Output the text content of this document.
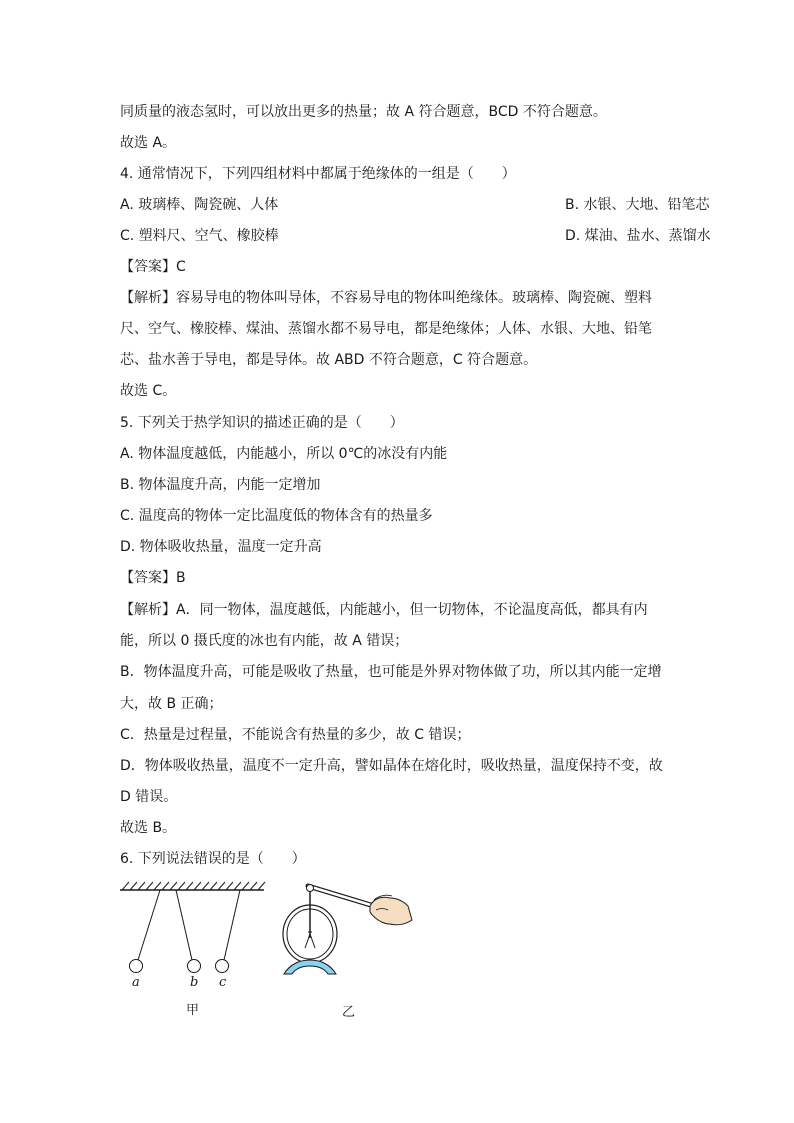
同质量的液态氢时，可以放出更多的热量；故 A 符合题意，BCD 不符合题意。
故选 A。
4. 通常情况下，下列四组材料中都属于绝缘体的一组是（　　）
A. 玻璃棒、陶瓷碗、人体	B. 水银、大地、铅笔芯
C. 塑料尺、空气、橡胶棒	D. 煤油、盐水、蒸馏水
【答案】C
【解析】容易导电的物体叫导体，不容易导电的物体叫绝缘体。玻璃棒、陶瓷碗、塑料
尺、空气、橡胶棒、煤油、蒸馏水都不易导电，都是绝缘体；人体、水银、大地、铅笔
芯、盐水善于导电，都是导体。故 ABD 不符合题意，C 符合题意。
故选 C。
5. 下列关于热学知识的描述正确的是（　　）
A. 物体温度越低，内能越小，所以 0℃的冰没有内能
B. 物体温度升高，内能一定增加
C. 温度高的物体一定比温度低的物体含有的热量多
D. 物体吸收热量，温度一定升高
【答案】B
【解析】A．同一物体，温度越低，内能越小，但一切物体，不论温度高低，都具有内
能，所以 0 摄氏度的冰也有内能，故 A 错误；
B．物体温度升高，可能是吸收了热量，也可能是外界对物体做了功，所以其内能一定增
大，故 B 正确；
C．热量是过程量，不能说含有热量的多少，故 C 错误；
D．物体吸收热量，温度不一定升高，譬如晶体在熔化时，吸收热量，温度保持不变，故
D 错误。
故选 B。
6. 下列说法错误的是（　　）
a	b c
甲	乙
